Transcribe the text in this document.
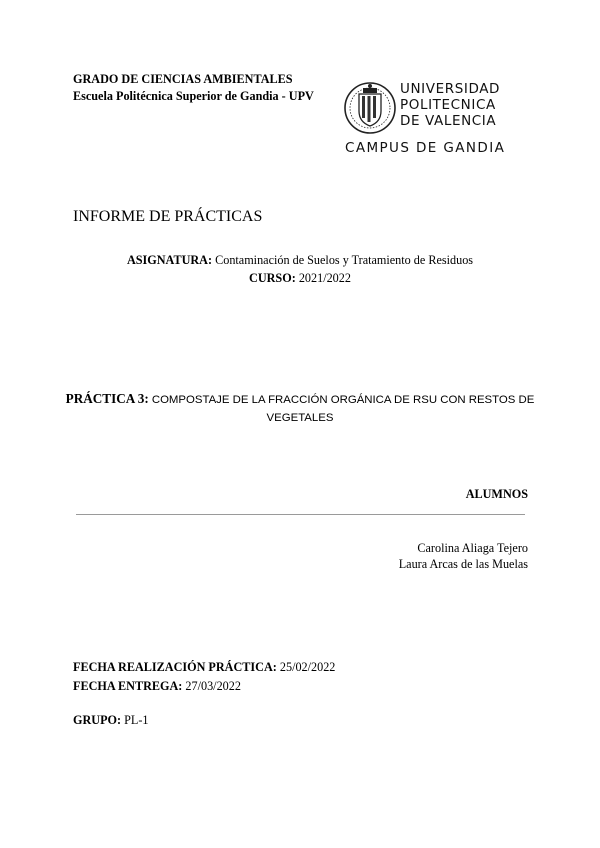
GRADO DE CIENCIAS AMBIENTALES
Escuela Politécnica Superior de Gandia - UPV	UNIVERSIDAD
POLITECNICA
DE VALENCIA
CAMPUS DE GANDIA
INFORME DE PRÁCTICAS
ASIGNATURA: Contaminación de Suelos y Tratamiento de Residuos
CURSO: 2021/2022
PRÁCTICA 3: COMPOSTAJE DE LA FRACCIÓN ORGÁNICA DE RSU CON RESTOS DE VEGETALES
ALUMNOS
Carolina Aliaga Tejero
Laura Arcas de las Muelas
FECHA REALIZACIÓN PRÁCTICA: 25/02/2022
FECHA ENTREGA: 27/03/2022
GRUPO: PL-1
